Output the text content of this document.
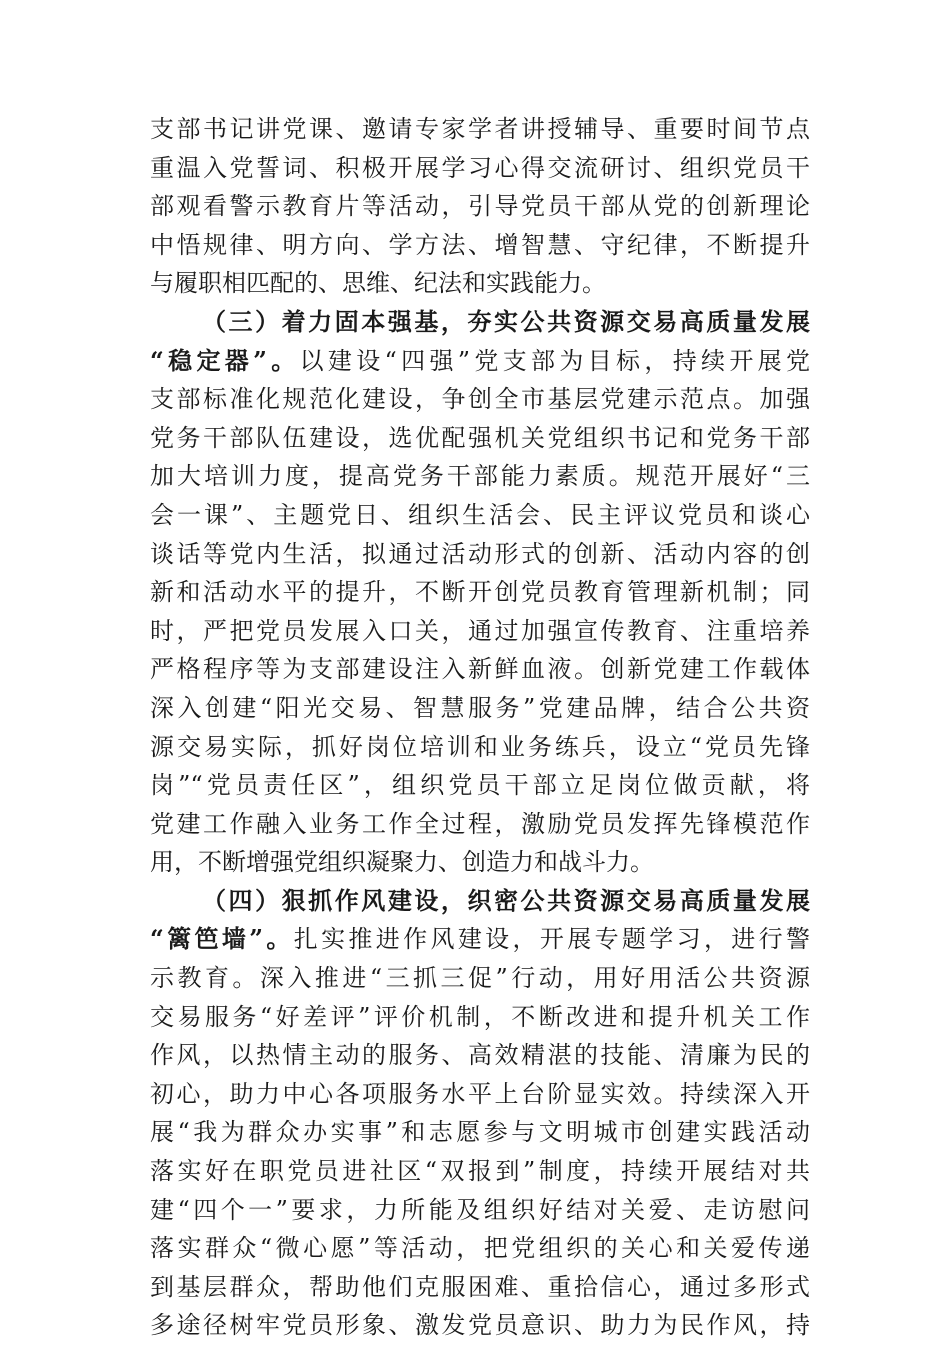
支部书记讲党课、邀请专家学者讲授辅导、重要时间节点
重温入党誓词、积极开展学习心得交流研讨、组织党员干
部观看警示教育片等活动，引导党员干部从党的创新理论
中悟规律、明方向、学方法、增智慧、守纪律，不断提升
与履职相匹配的、思维、纪法和实践能力。
（三）着力固本强基，夯实公共资源交易高质量发展
“稳定器”。以建设“四强”党支部为目标，持续开展党
支部标准化规范化建设，争创全市基层党建示范点。加强
党务干部队伍建设，选优配强机关党组织书记和党务干部
加大培训力度，提高党务干部能力素质。规范开展好“三
会一课”、主题党日、组织生活会、民主评议党员和谈心
谈话等党内生活，拟通过活动形式的创新、活动内容的创
新和活动水平的提升，不断开创党员教育管理新机制；同
时，严把党员发展入口关，通过加强宣传教育、注重培养
严格程序等为支部建设注入新鲜血液。创新党建工作载体
深入创建“阳光交易、智慧服务”党建品牌，结合公共资
源交易实际，抓好岗位培训和业务练兵，设立“党员先锋
岗”“党员责任区”，组织党员干部立足岗位做贡献，将
党建工作融入业务工作全过程，激励党员发挥先锋模范作
用，不断增强党组织凝聚力、创造力和战斗力。
（四）狠抓作风建设，织密公共资源交易高质量发展
“篱笆墙”。扎实推进作风建设，开展专题学习，进行警
示教育。深入推进“三抓三促”行动，用好用活公共资源
交易服务“好差评”评价机制，不断改进和提升机关工作
作风，以热情主动的服务、高效精湛的技能、清廉为民的
初心，助力中心各项服务水平上台阶显实效。持续深入开
展“我为群众办实事”和志愿参与文明城市创建实践活动
落实好在职党员进社区“双报到”制度，持续开展结对共
建“四个一”要求，力所能及组织好结对关爱、走访慰问
落实群众“微心愿”等活动，把党组织的关心和关爱传递
到基层群众，帮助他们克服困难、重拾信心，通过多形式
多途径树牢党员形象、激发党员意识、助力为民作风，持
